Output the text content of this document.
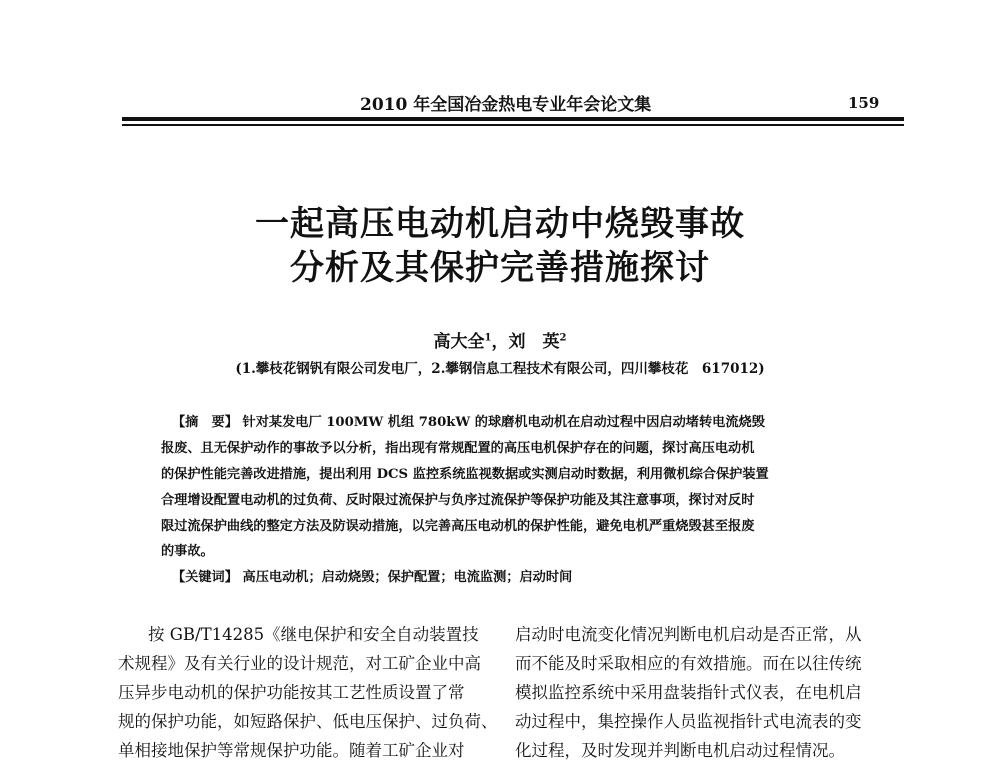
2010 年全国冶金热电专业年会论文集	159
一起高压电动机启动中烧毁事故
分析及其保护完善措施探讨
高大全$^1$，刘　英$^2$
(1.攀枝花钢钒有限公司发电厂，2.攀钢信息工程技术有限公司，四川攀枝花　617012)
【摘　要】 针对某发电厂 100MW 机组 780kW 的球磨机电动机在启动过程中因启动堵转电流烧毁
报废、且无保护动作的事故予以分析，指出现有常规配置的高压电机保护存在的问题，探讨高压电动机
的保护性能完善改进措施，提出利用 DCS 监控系统监视数据或实测启动时数据，利用微机综合保护装置
合理增设配置电动机的过负荷、反时限过流保护与负序过流保护等保护功能及其注意事项，探讨对反时
限过流保护曲线的整定方法及防误动措施，以完善高压电动机的保护性能，避免电机严重烧毁甚至报废
的事故。
【关键词】 高压电动机；启动烧毁；保护配置；电流监测；启动时间
按 GB/T14285《继电保护和安全自动装置技
术规程》及有关行业的设计规范，对工矿企业中高
压异步电动机的保护功能按其工艺性质设置了常
规的保护功能，如短路保护、低电压保护、过负荷、
单相接地保护等常规保护功能。随着工矿企业对
启动时电流变化情况判断电机启动是否正常，从
而不能及时采取相应的有效措施。而在以往传统
模拟监控系统中采用盘装指针式仪表，在电机启
动过程中，集控操作人员监视指针式电流表的变
化过程，及时发现并判断电机启动过程情况。
